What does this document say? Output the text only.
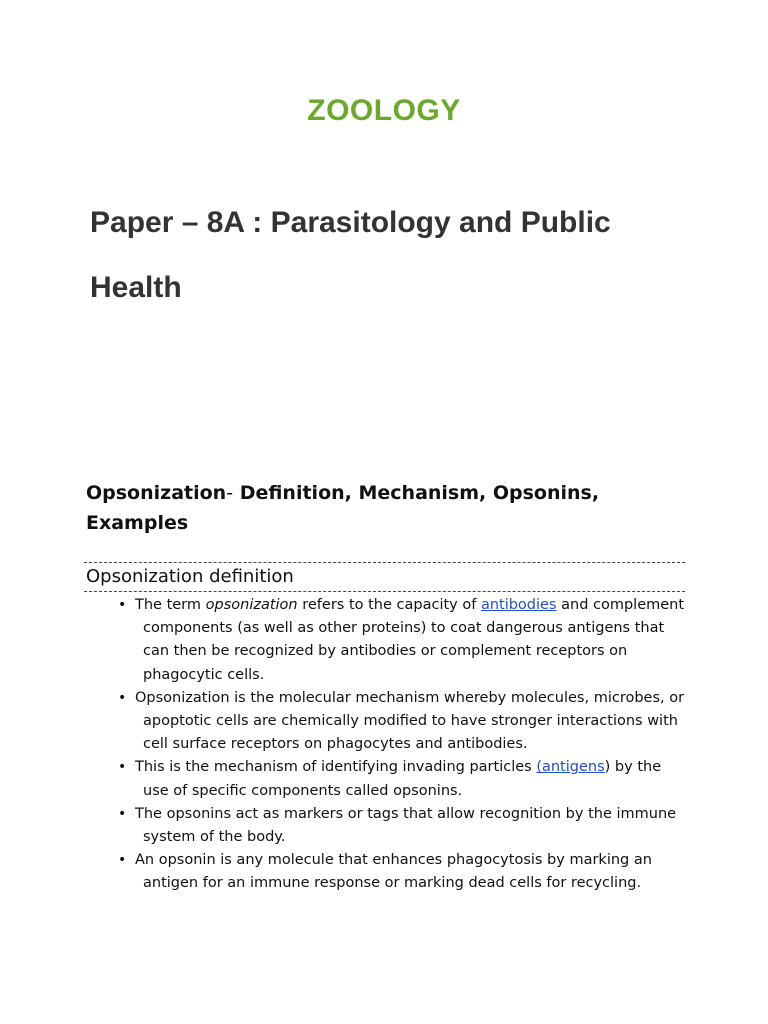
ZOOLOGY
Paper – 8A : Parasitology and Public Health
Opsonization- Definition, Mechanism, Opsonins, Examples
Opsonization definition
• The term opsonization refers to the capacity of antibodies and complement components (as well as other proteins) to coat dangerous antigens that can then be recognized by antibodies or complement receptors on phagocytic cells.
• Opsonization is the molecular mechanism whereby molecules, microbes, or apoptotic cells are chemically modified to have stronger interactions with cell surface receptors on phagocytes and antibodies.
• This is the mechanism of identifying invading particles (antigens) by the use of specific components called opsonins.
• The opsonins act as markers or tags that allow recognition by the immune system of the body.
• An opsonin is any molecule that enhances phagocytosis by marking an antigen for an immune response or marking dead cells for recycling.
